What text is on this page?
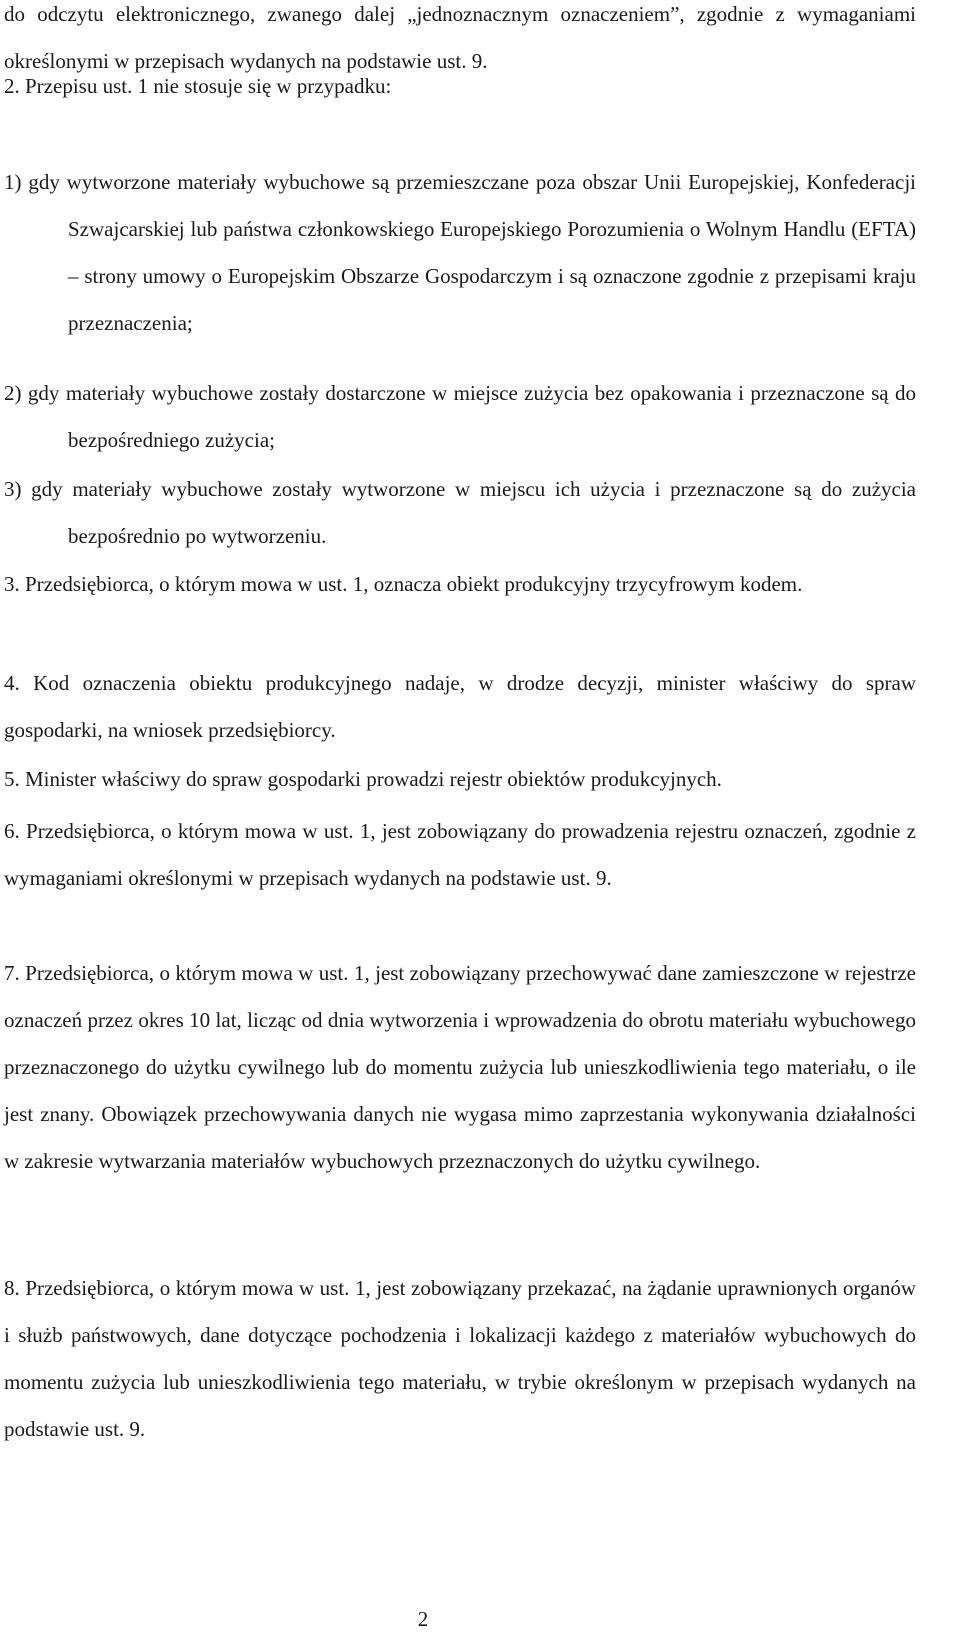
do odczytu elektronicznego, zwanego dalej „jednoznacznym oznaczeniem”, zgodnie z wymaganiami określonymi w przepisach wydanych na podstawie ust. 9.
2. Przepisu ust. 1 nie stosuje się w przypadku:
1) gdy wytworzone materiały wybuchowe są przemieszczane poza obszar Unii Europejskiej, Konfederacji Szwajcarskiej lub państwa członkowskiego Europejskiego Porozumienia o Wolnym Handlu (EFTA) – strony umowy o Europejskim Obszarze Gospodarczym i są oznaczone zgodnie z przepisami kraju przeznaczenia;
2) gdy materiały wybuchowe zostały dostarczone w miejsce zużycia bez opakowania i przeznaczone są do bezpośredniego zużycia;
3) gdy materiały wybuchowe zostały wytworzone w miejscu ich użycia i przeznaczone są do zużycia bezpośrednio po wytworzeniu.
3. Przedsiębiorca, o którym mowa w ust. 1, oznacza obiekt produkcyjny trzycyfrowym kodem.
4. Kod oznaczenia obiektu produkcyjnego nadaje, w drodze decyzji, minister właściwy do spraw gospodarki, na wniosek przedsiębiorcy.
5. Minister właściwy do spraw gospodarki prowadzi rejestr obiektów produkcyjnych.
6. Przedsiębiorca, o którym mowa w ust. 1, jest zobowiązany do prowadzenia rejestru oznaczeń, zgodnie z wymaganiami określonymi w przepisach wydanych na podstawie ust. 9.
7. Przedsiębiorca, o którym mowa w ust. 1, jest zobowiązany przechowywać dane zamieszczone w rejestrze oznaczeń przez okres 10 lat, licząc od dnia wytworzenia i wprowadzenia do obrotu materiału wybuchowego przeznaczonego do użytku cywilnego lub do momentu zużycia lub unieszkodliwienia tego materiału, o ile jest znany. Obowiązek przechowywania danych nie wygasa mimo zaprzestania wykonywania działalności w zakresie wytwarzania materiałów wybuchowych przeznaczonych do użytku cywilnego.
8. Przedsiębiorca, o którym mowa w ust. 1, jest zobowiązany przekazać, na żądanie uprawnionych organów i służb państwowych, dane dotyczące pochodzenia i lokalizacji każdego z materiałów wybuchowych do momentu zużycia lub unieszkodliwienia tego materiału, w trybie określonym w przepisach wydanych na podstawie ust. 9.
2
